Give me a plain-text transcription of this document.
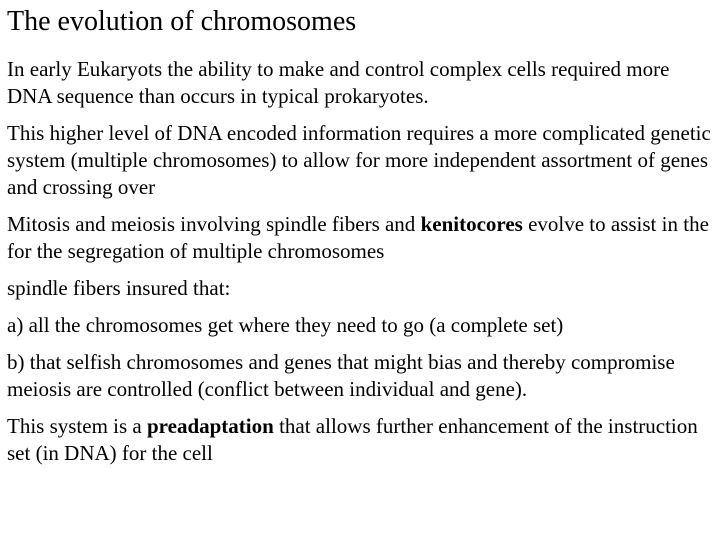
The evolution of chromosomes

In early Eukaryots the ability to make and control complex cells required more DNA sequence than occurs in typical prokaryotes.

This higher level of DNA encoded information requires a more complicated genetic system (multiple chromosomes) to allow for more independent assortment of genes and crossing over

Mitosis and meiosis involving spindle fibers and kenitocores evolve to assist in the for the segregation of multiple chromosomes

spindle fibers insured that:

a) all the chromosomes get where they need to go (a complete set)

b) that selfish chromosomes and genes that might bias and thereby compromise meiosis are controlled (conflict between individual and gene).

This system is a preadaptation that allows further enhancement of the instruction set (in DNA) for the cell
